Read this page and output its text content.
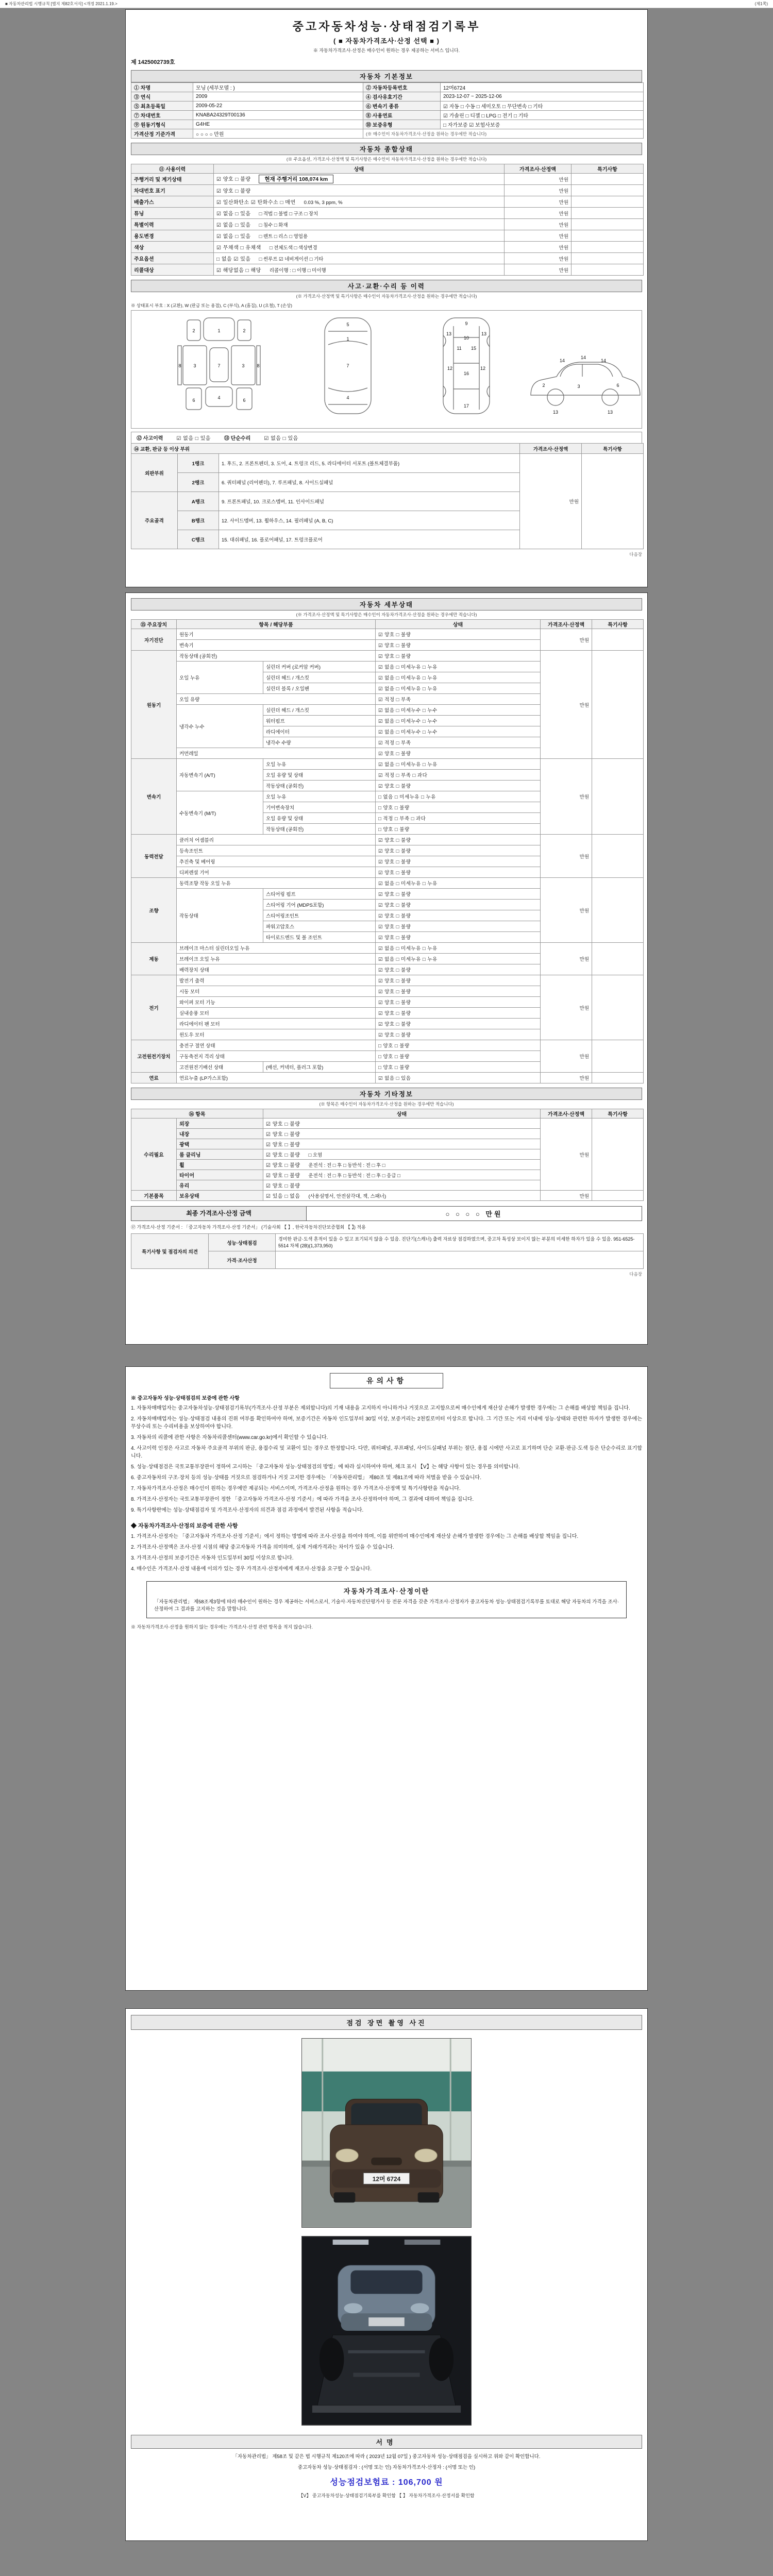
■ 자동차관리법 시행규칙 [별지 제82호서식] <개정 2021.1.19.>	(제1쪽)
중고자동차성능·상태점검기록부
( ■ 자동차가격조사·산정 선택 ■ )
※ 자동차가격조사·산정은 매수인이 원하는 경우 제공하는 서비스 입니다.
제 1425002739호
자동차 기본정보
① 차명	모닝 (세부모델 : )	② 자동차등록번호	12머6724
③ 연식	2009	④ 검사유효기간	2023-12-07 ~ 2025-12-06
⑤ 최초등록일	2009-05-22	⑥ 변속기 종류	☑ 자동 □ 수동 □ 세미오토 □ 무단변속 □ 기타
⑦ 차대번호	KNABA24329T00136	⑧ 사용연료	☑ 가솔린 □ 디젤 □ LPG □ 전기 □ 기타
⑨ 원동기형식	G4HE	⑩ 보증유형	□ 자가보증 ☑ 보험사보증
가격산정 기준가격	○ ○ ○ ○ 만원	(※ 매수인이 자동차가격조사·산정을 원하는 경우에만 적습니다)	
자동차 종합상태
(※ 주요옵션, 가격조사·산정액 및 특기사항은 매수인이 자동차가격조사·산정을 원하는 경우에만 적습니다)
⑪ 사용이력	상태	가격조사·산정액	특기사항
주행거리 및 계기상태	☑ 양호 □ 불량 현재 주행거리 108,074 km	만원	
차대번호 표기	☑ 양호 □ 불량	만원	
배출가스	☑ 일산화탄소 ☑ 탄화수소 □ 매연 0.03 %, 3 ppm, %	만원	
튜닝	☑ 없음 □ 있음 □ 적법 □ 불법 □ 구조 □ 장치	만원	
특별이력	☑ 없음 □ 있음 □ 침수 □ 화재	만원	
용도변경	☑ 없음 □ 있음 □ 렌트 □ 리스 □ 영업용	만원	
색상	☑ 무채색 □ 유채색 □ 전체도색 □ 색상변경	만원	
주요옵션	□ 없음 ☑ 있음 □ 썬루프 ☑ 네비게이션 □ 기타	만원	
리콜대상	☑ 해당없음 □ 해당 리콜이행 : □ 이행 □ 미이행	만원	
사고·교환·수리 등 이력
(※ 가격조사·산정액 및 특기사항은 매수인이 자동차가격조사·산정을 원하는 경우에만 적습니다)
※ 상태표시 부호 : X (교환), W (판금 또는 용접), C (부식), A (흠집), U (요철), T (손상)
1
2	2
3	3
7
8	8
6	6
4
5
1
7
4
9
10
13	13
11 15
12	12
16
17
14
14
14
2	3	6
13	13
⑫ 사고이력	☑ 없음 □ 있음	⑬ 단순수리	☑ 없음 □ 있음
⑭ 교환, 판금 등 이상 부위			가격조사·산정액	특기사항
외판부위	1랭크	1. 후드, 2. 프론트펜더, 3. 도어, 4. 트렁크 리드, 5. 라디에이터 서포트 (볼트체결부품)	만원	
	2랭크	6. 쿼터패널 (리어펜더), 7. 루프패널, 8. 사이드실패널		
주요골격	A랭크	9. 프론트패널, 10. 크로스멤버, 11. 인사이드패널		
	B랭크	12. 사이드멤버, 13. 휠하우스, 14. 필러패널 (A, B, C)		
	C랭크	15. 대쉬패널, 16. 플로어패널, 17. 트렁크플로어		
다음장
자동차 세부상태
(※ 가격조사·산정액 및 특기사항은 매수인이 자동차가격조사·산정을 원하는 경우에만 적습니다)
⑮ 주요장치	항목 / 해당부품		상태	가격조사·산정액	특기사항
자기진단	원동기		☑ 양호 □ 불량	만원	
	변속기		☑ 양호 □ 불량		
원동기	작동상태 (공회전)		☑ 양호 □ 불량	만원	
	오일 누유	실린더 커버 (로커암 커버)	☑ 없음 □ 미세누유 □ 누유		
		실린더 헤드 / 개스킷	☑ 없음 □ 미세누유 □ 누유		
		실린더 블록 / 오일팬	☑ 없음 □ 미세누유 □ 누유		
	오일 유량		☑ 적정 □ 부족		
	냉각수 누수	실린더 헤드 / 개스킷	☑ 없음 □ 미세누수 □ 누수		
		워터펌프	☑ 없음 □ 미세누수 □ 누수		
		라디에이터	☑ 없음 □ 미세누수 □ 누수		
		냉각수 수량	☑ 적정 □ 부족		
	커먼레일		☑ 양호 □ 불량		
변속기	자동변속기 (A/T)	오일 누유	☑ 없음 □ 미세누유 □ 누유	만원	
		오일 유량 및 상태	☑ 적정 □ 부족 □ 과다		
		작동상태 (공회전)	☑ 양호 □ 불량		
	수동변속기 (M/T)	오일 누유	□ 없음 □ 미세누유 □ 누유		
		기어변속장치	□ 양호 □ 불량		
		오일 유량 및 상태	□ 적정 □ 부족 □ 과다		
		작동상태 (공회전)	□ 양호 □ 불량		
동력전달	클러치 어셈블리		☑ 양호 □ 불량	만원	
	등속조인트		☑ 양호 □ 불량		
	추진축 및 베어링		☑ 양호 □ 불량		
	디퍼렌셜 기어		☑ 양호 □ 불량		
조향	동력조향 작동 오일 누유		☑ 없음 □ 미세누유 □ 누유	만원	
	작동상태	스티어링 펌프	☑ 양호 □ 불량		
		스티어링 기어 (MDPS포함)	☑ 양호 □ 불량		
		스티어링조인트	☑ 양호 □ 불량		
		파워고압호스	☑ 양호 □ 불량		
		타이로드엔드 및 볼 조인트	☑ 양호 □ 불량		
제동	브레이크 마스터 실린더오일 누유		☑ 없음 □ 미세누유 □ 누유	만원	
	브레이크 오일 누유		☑ 없음 □ 미세누유 □ 누유		
	배력장치 상태		☑ 양호 □ 불량		
전기	발전기 출력		☑ 양호 □ 불량	만원	
	시동 모터		☑ 양호 □ 불량		
	와이퍼 모터 기능		☑ 양호 □ 불량		
	실내송풍 모터		☑ 양호 □ 불량		
	라디에이터 팬 모터		☑ 양호 □ 불량		
	윈도우 모터		☑ 양호 □ 불량		
고전원전기장치	충전구 절연 상태		□ 양호 □ 불량	만원	
	구동축전지 격리 상태		□ 양호 □ 불량		
	고전원전기배선 상태	(배선, 커넥터, 플러그 포함)	□ 양호 □ 불량		
연료	연료누출 (LP가스포함)		☑ 없음 □ 있음	만원	
자동차 기타정보
(※ 항목은 매수인이 자동차가격조사·산정을 원하는 경우에만 적습니다)
⑯ 항목		상태	가격조사·산정액	특기사항
수리필요	외장	☑ 양호 □ 불량	만원	
	내장	☑ 양호 □ 불량		
	광택	☑ 양호 □ 불량		
	룸 클리닝	☑ 양호 □ 불량 □ 오염		
	휠	☑ 양호 □ 불량 운전석 : 전 □ 후 □ 동반석 : 전 □ 후 □		
	타이어	☑ 양호 □ 불량 운전석 : 전 □ 후 □ 동반석 : 전 □ 후 □ 응급 □		
	유리	☑ 양호 □ 불량		
기본품목	보유상태	☑ 있음 □ 없음 (사용설명서, 안전삼각대, 잭, 스패너)	만원	
최종 가격조사·산정 금액	○ ○ ○ ○ 만원
⑰ 가격조사·산정 기준서 : 「중고자동차 가격조사·산정 기준서」 (기술사회 【 】, 한국자동차진단보증협회 【 】) 적용
특기사항 및 점검자의 의견	성능·상태점검	경미한 판금·도색 흔적이 있을 수 있고 표기되지 않을 수 있음. 진단기(스캐너) 출력 자료상 점검하였으며, 중고차 특성상 보이지 않는 부분의 미세한 하자가 있을 수 있음. 951-6525-5514 차체 (2B)(1,373,950)
	가격·조사산정	
다음장
유의사항
※ 중고자동차 성능·상태점검의 보증에 관한 사항
1. 자동차매매업자는 중고자동차성능·상태점검기록부(가격조사·산정 부분은 제외합니다)의 기재 내용을 고지하지 아니하거나 거짓으로 고지함으로써 매수인에게 재산상 손해가 발생한 경우에는 그 손해를 배상할 책임을 집니다.
2. 자동차매매업자는 성능·상태점검 내용의 진위 여부를 확인하여야 하며, 보증기간은 자동차 인도일부터 30일 이상, 보증거리는 2천킬로미터 이상으로 합니다. 그 기간 또는 거리 이내에 성능·상태와 관련한 하자가 발생한 경우에는 무상수리 또는 수리비용을 보상하여야 합니다.
3. 자동차의 리콜에 관한 사항은 자동차리콜센터(www.car.go.kr)에서 확인할 수 있습니다.
4. 사고이력 인정은 사고로 자동차 주요골격 부위의 판금, 용접수리 및 교환이 있는 경우로 한정합니다. 다만, 쿼터패널, 루프패널, 사이드실패널 부위는 절단, 용접 시에만 사고로 표기하며 단순 교환·판금·도색 등은 단순수리로 표기합니다.
5. 성능·상태점검은 국토교통부장관이 정하여 고시하는 「중고자동차 성능·상태점검의 방법」에 따라 실시하여야 하며, 체크 표시 【V】는 해당 사항이 있는 경우를 의미합니다.
6. 중고자동차의 구조·장치 등의 성능·상태를 거짓으로 점검하거나 거짓 고지한 경우에는 「자동차관리법」 제80조 및 제81조에 따라 처벌을 받을 수 있습니다.
7. 자동차가격조사·산정은 매수인이 원하는 경우에만 제공되는 서비스이며, 가격조사·산정을 원하는 경우 가격조사·산정액 및 특기사항란을 적습니다.
8. 가격조사·산정자는 국토교통부장관이 정한 「중고자동차 가격조사·산정 기준서」에 따라 가격을 조사·산정하여야 하며, 그 결과에 대하여 책임을 집니다.
9. 특기사항란에는 성능·상태점검자 및 가격조사·산정자의 의견과 점검 과정에서 발견된 사항을 적습니다.
◆ 자동차가격조사·산정의 보증에 관한 사항
1. 가격조사·산정자는 「중고자동차 가격조사·산정 기준서」에서 정하는 방법에 따라 조사·산정을 하여야 하며, 이를 위반하여 매수인에게 재산상 손해가 발생한 경우에는 그 손해를 배상할 책임을 집니다.
2. 가격조사·산정액은 조사·산정 시점의 해당 중고자동차 가격을 의미하며, 실제 거래가격과는 차이가 있을 수 있습니다.
3. 가격조사·산정의 보증기간은 자동차 인도일부터 30일 이상으로 합니다.
4. 매수인은 가격조사·산정 내용에 이의가 있는 경우 가격조사·산정자에게 재조사·산정을 요구할 수 있습니다.
자동차가격조사·산정이란
「자동차관리법」 제58조제3항에 따라 매수인이 원하는 경우 제공하는 서비스로서, 기술사·자동차진단평가사 등 전문 자격을 갖춘 가격조사·산정자가 중고자동차 성능·상태점검기록부를 토대로 해당 자동차의 가격을 조사·산정하여 그 결과를 고지하는 것을 말합니다.
※ 자동차가격조사·산정을 원하지 않는 경우에는 가격조사·산정 관련 항목을 적지 않습니다.
점검 장면 촬영 사진
12머 6724
서명
「자동차관리법」 제58조 및 같은 법 시행규칙 제120조에 따라 ( 2023년 12월 07일 ) 중고자동차 성능·상태점검을 실시하고 위와 같이 확인합니다.
중고자동차 성능·상태점검자 : (서명 또는 인) 자동차가격조사·산정자 : (서명 또는 인)
성능점검보험료 : 106,700 원
【V】 중고자동차성능·상태점검기록부를 확인함 【 】 자동차가격조사·산정서를 확인함
